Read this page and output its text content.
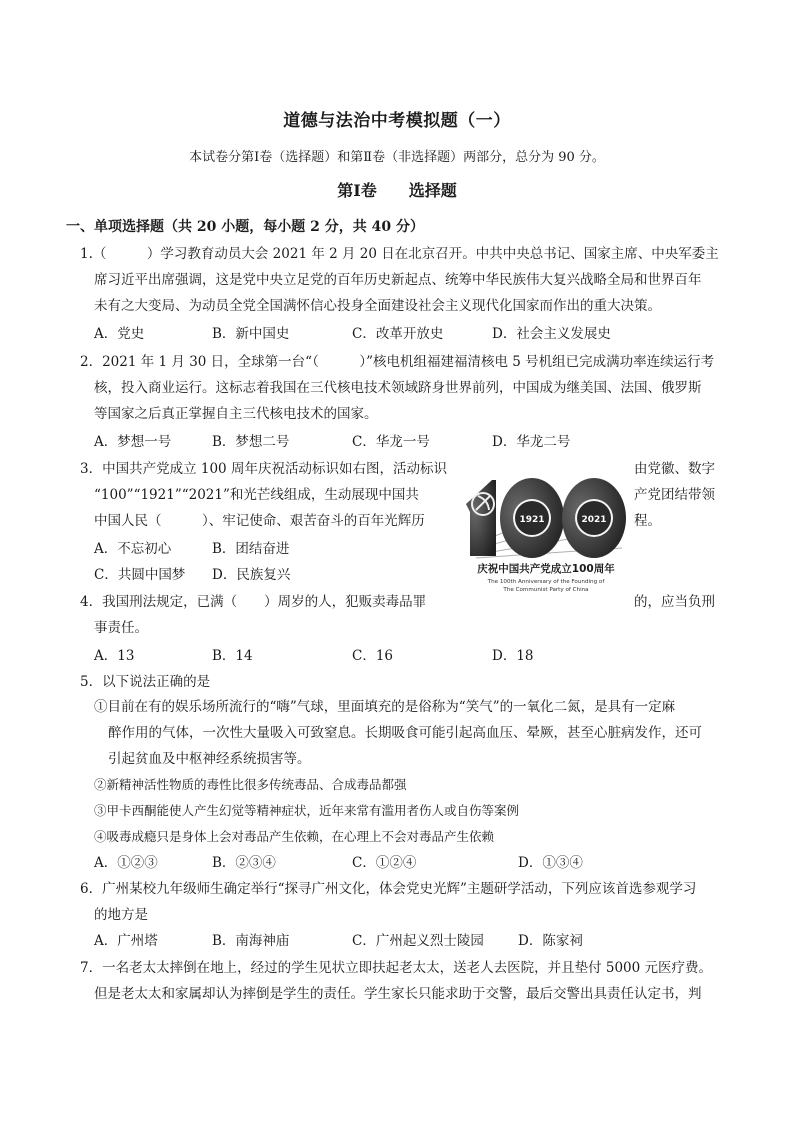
道德与法治中考模拟题（一）
本试卷分第Ⅰ卷（选择题）和第Ⅱ卷（非选择题）两部分，总分为 90 分。
第Ⅰ卷　　选择题
一、单项选择题（共 20 小题，每小题 2 分，共 40 分）
1.（　　　）学习教育动员大会 2021 年 2 月 20 日在北京召开。中共中央总书记、国家主席、中央军委主
席习近平出席强调，这是党中央立足党的百年历史新起点、统筹中华民族伟大复兴战略全局和世界百年
未有之大变局、为动员全党全国满怀信心投身全面建设社会主义现代化国家而作出的重大决策。
A．党史	B．新中国史	C．改革开放史	D．社会主义发展史
2．2021 年 1 月 30 日，全球第一台“（　　　）”核电机组福建福清核电 5 号机组已完成满功率连续运行考
核，投入商业运行。这标志着我国在三代核电技术领域跻身世界前列，中国成为继美国、法国、俄罗斯
等国家之后真正掌握自主三代核电技术的国家。
A．梦想一号	B．梦想二号	C．华龙一号	D．华龙二号
3．中国共产党成立 100 周年庆祝活动标识如右图，活动标识
“100”“1921”“2021”和光芒线组成，生动展现中国共
中国人民（　　　）、牢记使命、艰苦奋斗的百年光辉历
由党徽、数字
产党团结带领
程。
A．不忘初心	B．团结奋进
C．共圆中国梦 D．民族复兴
1921	2021
庆祝中国共产党成立100周年
The 100th Anniversary of the Founding of
The Communist Party of China
4．我国刑法规定，已满（　　）周岁的人，犯贩卖毒品罪	的，应当负刑
事责任。
A．13	B．14	C．16	D．18
5．以下说法正确的是
①目前在有的娱乐场所流行的“嗨”气球，里面填充的是俗称为“笑气”的一氧化二氮，是具有一定麻
醉作用的气体，一次性大量吸入可致窒息。长期吸食可能引起高血压、晕厥，甚至心脏病发作，还可
引起贫血及中枢神经系统损害等。
②新精神活性物质的毒性比很多传统毒品、合成毒品都强
③甲卡西酮能使人产生幻觉等精神症状，近年来常有滥用者伤人或自伤等案例
④吸毒成瘾只是身体上会对毒品产生依赖，在心理上不会对毒品产生依赖
A．①②③	B．②③④	C．①②④	D．①③④
6．广州某校九年级师生确定举行“探寻广州文化，体会党史光辉”主题研学活动，下列应该首选参观学习
的地方是
A．广州塔	B．南海神庙	C．广州起义烈士陵园	D．陈家祠
7．一名老太太摔倒在地上，经过的学生见状立即扶起老太太，送老人去医院，并且垫付 5000 元医疗费。
但是老太太和家属却认为摔倒是学生的责任。学生家长只能求助于交警，最后交警出具责任认定书，判
